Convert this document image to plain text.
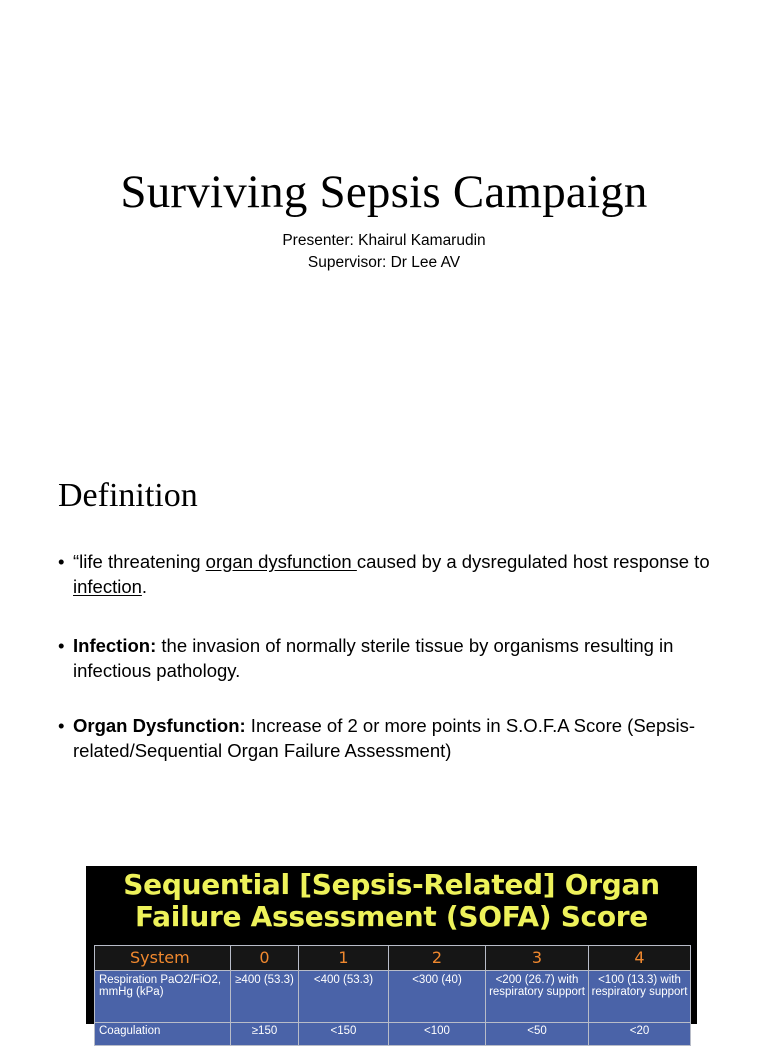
Surviving Sepsis Campaign
Presenter: Khairul Kamarudin
Supervisor: Dr Lee AV
Definition
• “life threatening organ dysfunction caused by a dysregulated host response to infection.
• Infection: the invasion of normally sterile tissue by organisms resulting in infectious pathology.
• Organ Dysfunction: Increase of 2 or more points in S.O.F.A Score (Sepsis-related/Sequential Organ Failure Assessment)
Sequential [Sepsis-Related] Organ
Failure Assessment (SOFA) Score
System	0	1	2	3	4
Respiration PaO2/FiO2, mmHg (kPa)	≥400 (53.3)	<400 (53.3)	<300 (40)	<200 (26.7) with respiratory support	<100 (13.3) with respiratory support
Coagulation	≥150	<150	<100	<50	<20
